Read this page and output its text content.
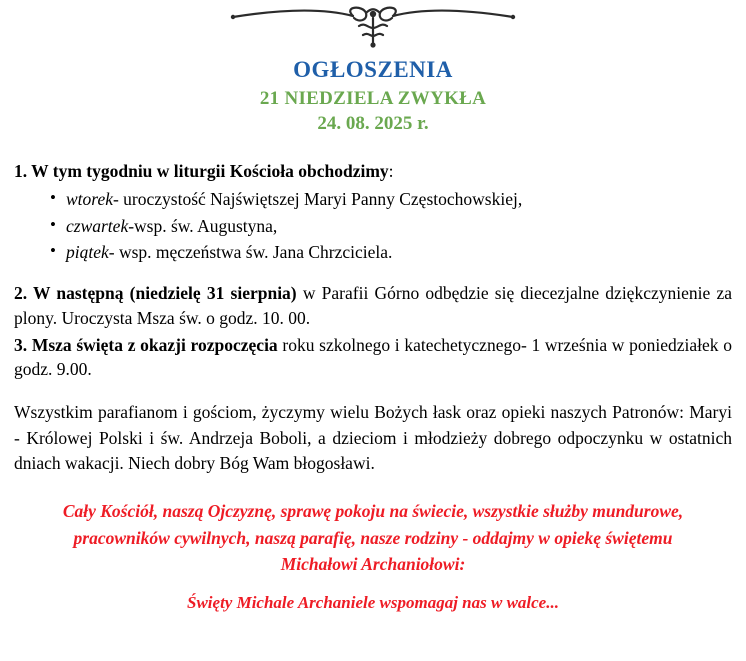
OGŁOSZENIA
21 NIEDZIELA ZWYKŁA
24. 08. 2025 r.

1. W tym tygodniu w liturgii Kościoła obchodzimy:

• wtorek- uroczystość Najświętszej Maryi Panny Częstochowskiej,
• czwartek-wsp. św. Augustyna,
• piątek- wsp. męczeństwa św. Jana Chrzciciela.

2. W następną (niedzielę 31 sierpnia) w Parafii Górno odbędzie się diecezjalne dziękczynienie za plony. Uroczysta Msza św. o godz. 10. 00.

3. Msza święta z okazji rozpoczęcia roku szkolnego i katechetycznego- 1 września w poniedziałek o godz. 9.00.

Wszystkim parafianom i gościom, życzymy wielu Bożych łask oraz opieki naszych Patronów: Maryi - Królowej Polski i św. Andrzeja Boboli, a dzieciom i młodzieży dobrego odpoczynku w ostatnich dniach wakacji. Niech dobry Bóg Wam błogosławi.

Cały Kościół, naszą Ojczyznę, sprawę pokoju na świecie, wszystkie służby mundurowe,
pracowników cywilnych, naszą parafię, nasze rodziny - oddajmy w opiekę świętemu
Michałowi Archaniołowi:
Święty Michale Archaniele wspomagaj nas w walce...
